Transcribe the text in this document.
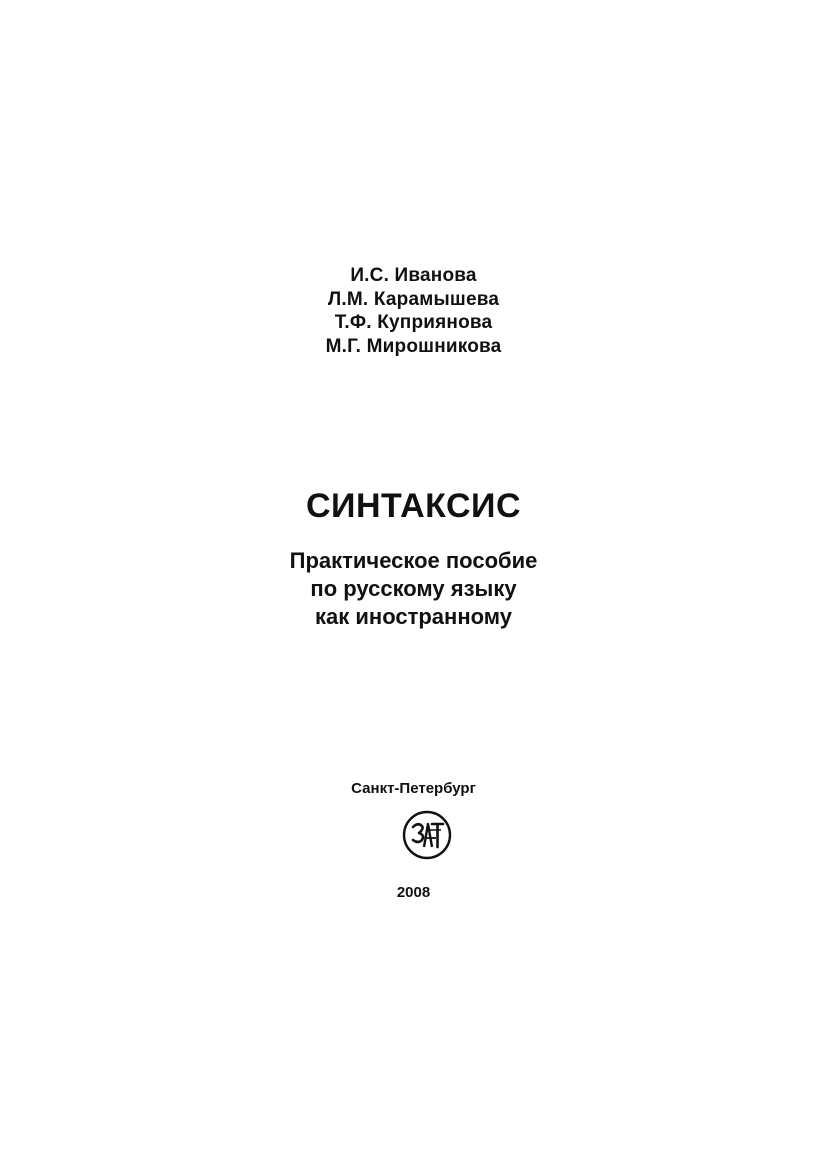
И.С. Иванова
Л.М. Карамышева
Т.Ф. Куприянова
М.Г. Мирошникова
СИНТАКСИС
Практическое пособие
по русскому языку
как иностранному
Санкт-Петербург
2008
